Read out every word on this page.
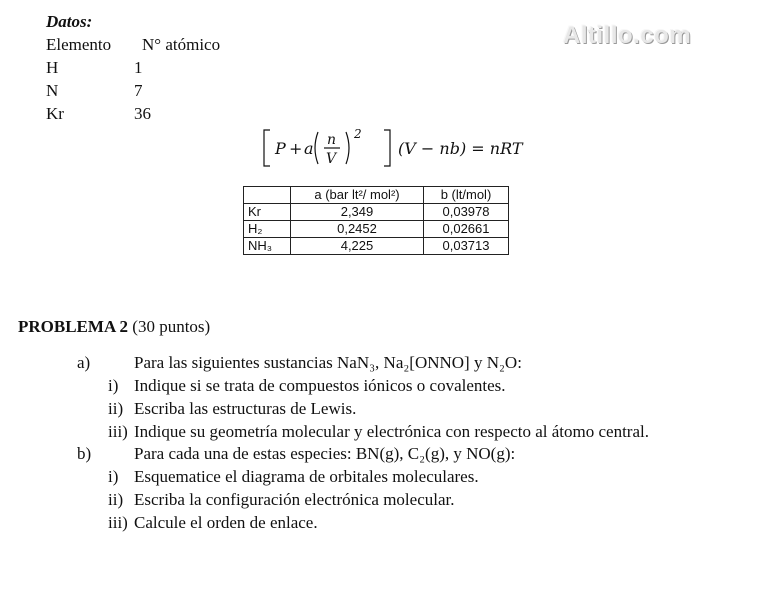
Altillo.com
Datos:
Elemento N° atómico
H	1
N	7
Kr	36
P + a n
V
2
(V − nb) = nRT
	a (bar lt²/ mol²)	b (lt/mol)
Kr	2,349	0,03978
H₂	0,2452	0,02661
NH₃	4,225	0,03713
PROBLEMA 2 (30 puntos)
a)	Para las siguientes sustancias NaN₃, Na₂[ONNO] y N₂O:
i) Indique si se trata de compuestos iónicos o covalentes.
ii) Escriba las estructuras de Lewis.
iii) Indique su geometría molecular y electrónica con respecto al átomo central.
b)	Para cada una de estas especies: BN(g), C₂(g), y NO(g):
i) Esquematice el diagrama de orbitales moleculares.
ii) Escriba la configuración electrónica molecular.
iii) Calcule el orden de enlace.
